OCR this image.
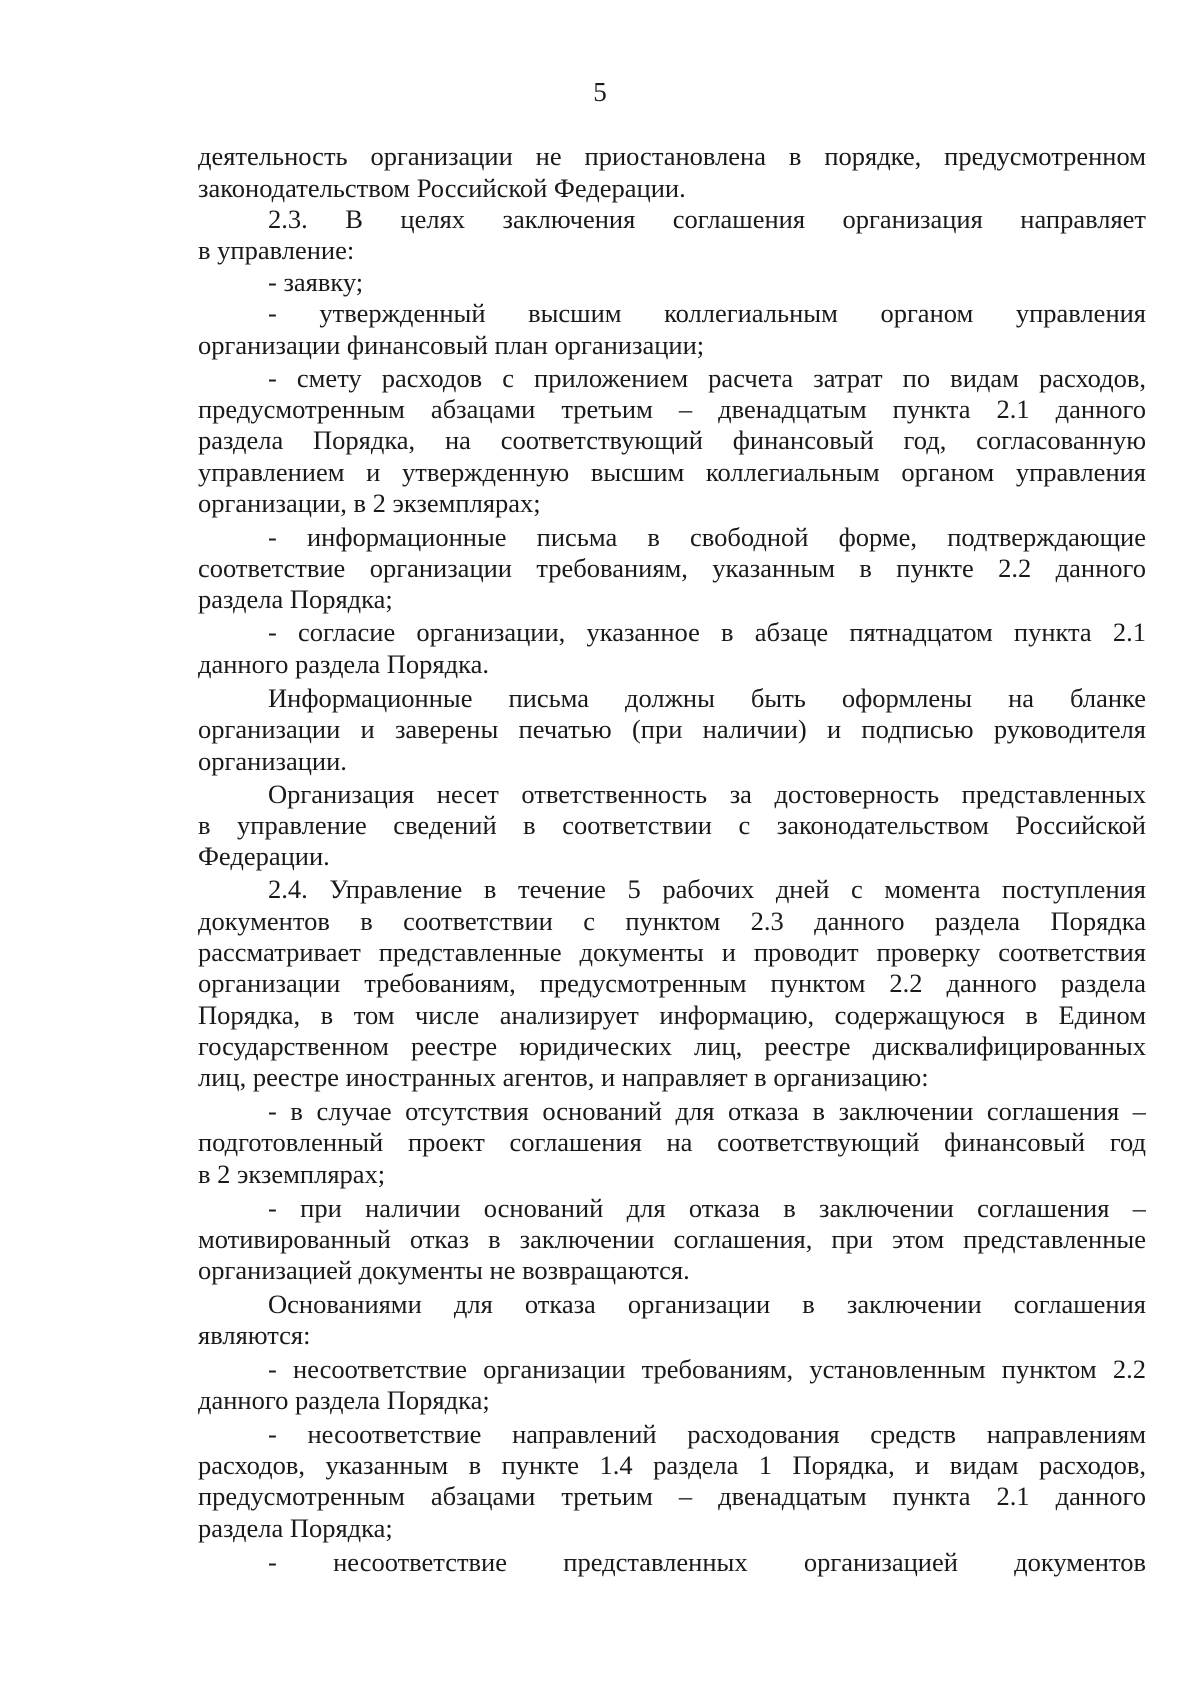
5
деятельность организации не приостановлена в порядке, предусмотренном
законодательством Российской Федерации.
2.3. В целях заключения соглашения организация направляет
в управление:
- заявку;
- утвержденный высшим коллегиальным органом управления
организации финансовый план организации;
- смету расходов с приложением расчета затрат по видам расходов,
предусмотренным абзацами третьим – двенадцатым пункта 2.1 данного
раздела Порядка, на соответствующий финансовый год, согласованную
управлением и утвержденную высшим коллегиальным органом управления
организации, в 2 экземплярах;
- информационные письма в свободной форме, подтверждающие
соответствие организации требованиям, указанным в пункте 2.2 данного
раздела Порядка;
- согласие организации, указанное в абзаце пятнадцатом пункта 2.1
данного раздела Порядка.
Информационные письма должны быть оформлены на бланке
организации и заверены печатью (при наличии) и подписью руководителя
организации.
Организация несет ответственность за достоверность представленных
в управление сведений в соответствии с законодательством Российской
Федерации.
2.4. Управление в течение 5 рабочих дней с момента поступления
документов в соответствии с пунктом 2.3 данного раздела Порядка
рассматривает представленные документы и проводит проверку соответствия
организации требованиям, предусмотренным пунктом 2.2 данного раздела
Порядка, в том числе анализирует информацию, содержащуюся в Едином
государственном реестре юридических лиц, реестре дисквалифицированных
лиц, реестре иностранных агентов, и направляет в организацию:
- в случае отсутствия оснований для отказа в заключении соглашения –
подготовленный проект соглашения на соответствующий финансовый год
в 2 экземплярах;
- при наличии оснований для отказа в заключении соглашения –
мотивированный отказ в заключении соглашения, при этом представленные
организацией документы не возвращаются.
Основаниями для отказа организации в заключении соглашения
являются:
- несоответствие организации требованиям, установленным пунктом 2.2
данного раздела Порядка;
- несоответствие направлений расходования средств направлениям
расходов, указанным в пункте 1.4 раздела 1 Порядка, и видам расходов,
предусмотренным абзацами третьим – двенадцатым пункта 2.1 данного
раздела Порядка;
- несоответствие представленных организацией документов
